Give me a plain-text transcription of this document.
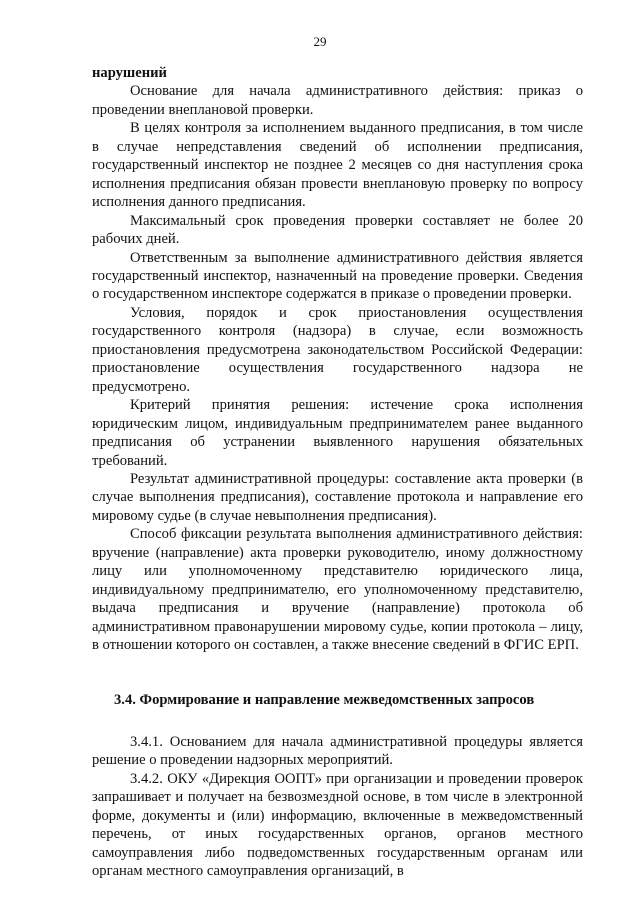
29

нарушений

Основание для начала административного действия: приказ о проведении внеплановой проверки.

В целях контроля за исполнением выданного предписания, в том числе в случае непредставления сведений об исполнении предписания, государственный инспектор не позднее 2 месяцев со дня наступления срока исполнения предписания обязан провести внеплановую проверку по вопросу исполнения данного предписания.

Максимальный срок проведения проверки составляет не более 20 рабочих дней.

Ответственным за выполнение административного действия является государственный инспектор, назначенный на проведение проверки. Сведения о государственном инспекторе содержатся в приказе о проведении проверки.

Условия, порядок и срок приостановления осуществления государственного контроля (надзора) в случае, если возможность приостановления предусмотрена законодательством Российской Федерации: приостановление осуществления государственного надзора не предусмотрено.

Критерий принятия решения: истечение срока исполнения юридическим лицом, индивидуальным предпринимателем ранее выданного предписания об устранении выявленного нарушения обязательных требований.

Результат административной процедуры: составление акта проверки (в случае выполнения предписания), составление протокола и направление его мировому судье (в случае невыполнения предписания).

Способ фиксации результата выполнения административного действия: вручение (направление) акта проверки руководителю, иному должностному лицу или уполномоченному представителю юридического лица, индивидуальному предпринимателю, его уполномоченному представителю, выдача предписания и вручение (направление) протокола об административном правонарушении мировому судье, копии протокола – лицу, в отношении которого он составлен, а также внесение сведений в ФГИС ЕРП.

3.4. Формирование и направление межведомственных запросов

3.4.1. Основанием для начала административной процедуры является решение о проведении надзорных мероприятий.

3.4.2. ОКУ «Дирекция ООПТ» при организации и проведении проверок запрашивает и получает на безвозмездной основе, в том числе в электронной форме, документы и (или) информацию, включенные в межведомственный перечень, от иных государственных органов, органов местного самоуправления либо подведомственных государственным органам или органам местного самоуправления организаций, в
